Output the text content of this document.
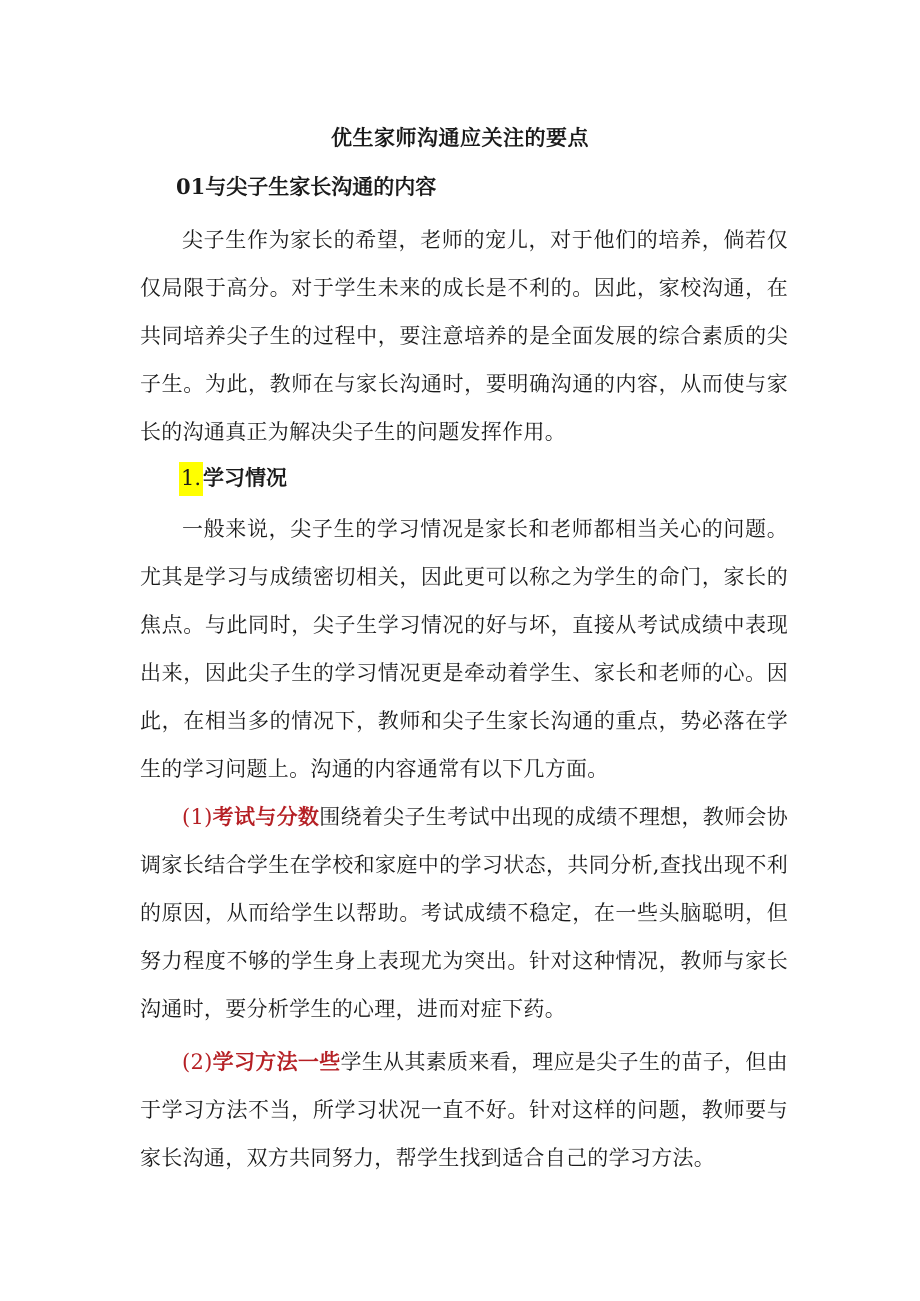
优生家师沟通应关注的要点
01与尖子生家长沟通的内容
尖子生作为家长的希望，老师的宠儿，对于他们的培养，倘若仅仅局限于高分。对于学生未来的成长是不利的。因此，家校沟通，在共同培养尖子生的过程中，要注意培养的是全面发展的综合素质的尖子生。为此，教师在与家长沟通时，要明确沟通的内容，从而使与家长的沟通真正为解决尖子生的问题发挥作用。
1.学习情况
一般来说，尖子生的学习情况是家长和老师都相当关心的问题。尤其是学习与成绩密切相关，因此更可以称之为学生的命门，家长的焦点。与此同时，尖子生学习情况的好与坏，直接从考试成绩中表现出来，因此尖子生的学习情况更是牵动着学生、家长和老师的心。因此，在相当多的情况下，教师和尖子生家长沟通的重点，势必落在学生的学习问题上。沟通的内容通常有以下几方面。
(1)考试与分数围绕着尖子生考试中出现的成绩不理想，教师会协调家长结合学生在学校和家庭中的学习状态，共同分析,查找出现不利的原因，从而给学生以帮助。考试成绩不稳定，在一些头脑聪明，但努力程度不够的学生身上表现尤为突出。针对这种情况，教师与家长沟通时，要分析学生的心理，进而对症下药。
(2)学习方法一些学生从其素质来看，理应是尖子生的苗子，但由于学习方法不当，所学习状况一直不好。针对这样的问题，教师要与家长沟通，双方共同努力，帮学生找到适合自己的学习方法。
